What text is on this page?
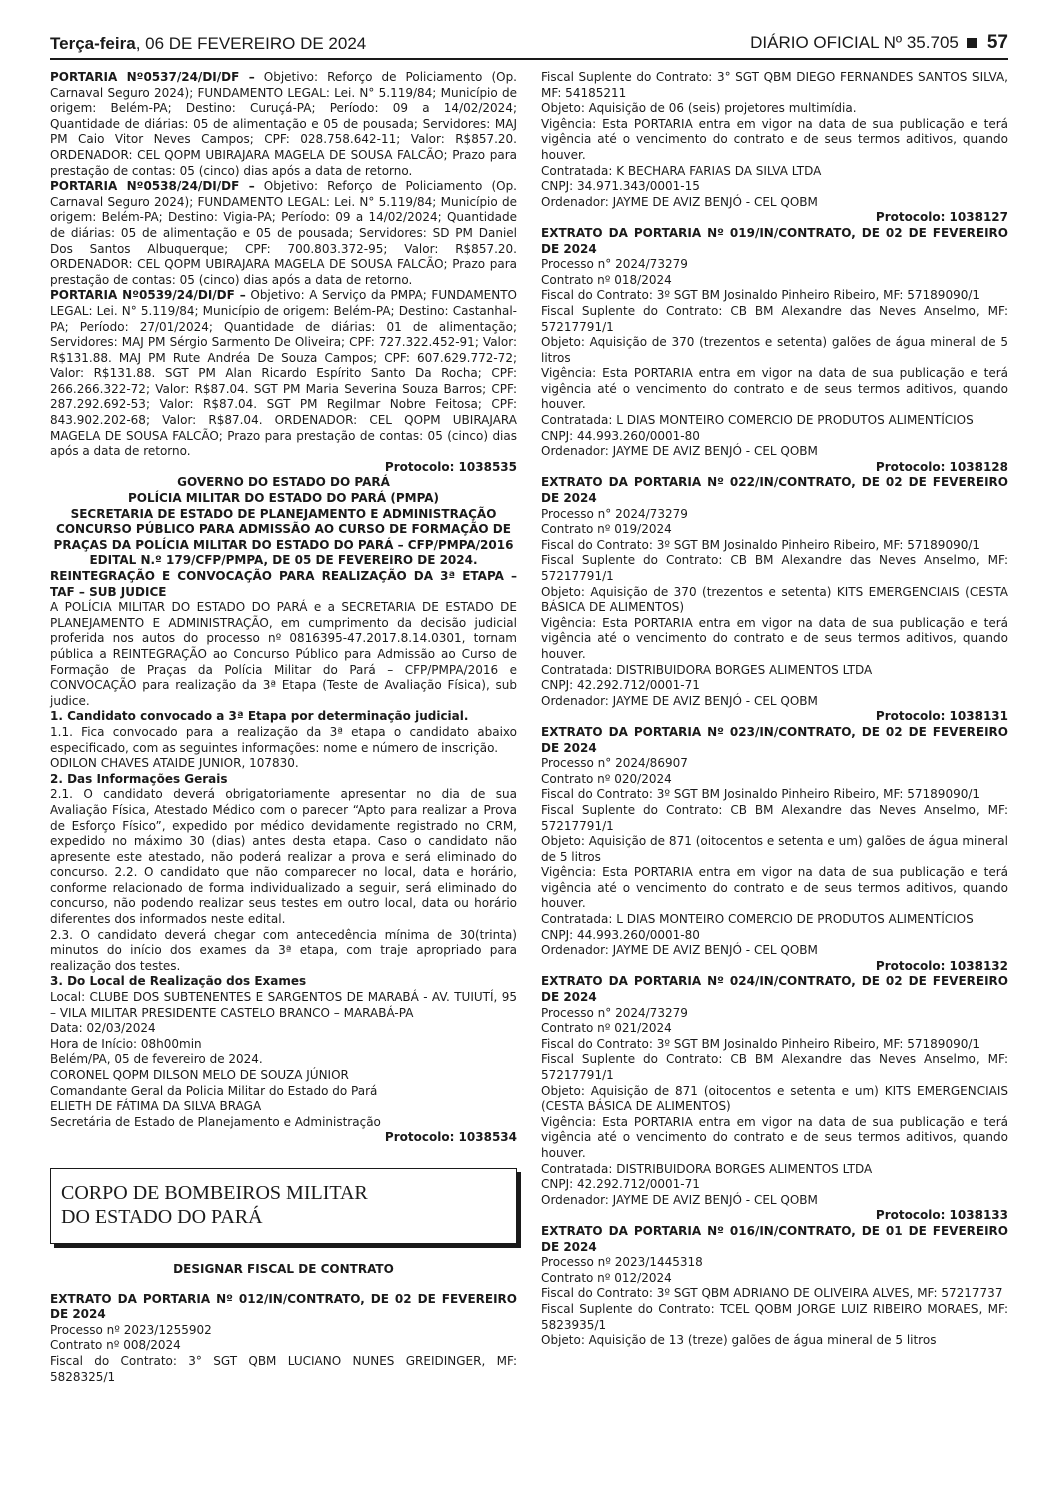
Terça-feira, 06 DE FEVEREIRO DE 2024	DIÁRIO OFICIAL Nº 35.705 57

PORTARIA Nº0537/24/DI/DF – Objetivo: Reforço de Policiamento (Op. Carnaval Seguro 2024); FUNDAMENTO LEGAL: Lei. N° 5.119/84; Município de origem: Belém-PA; Destino: Curuçá-PA; Período: 09 a 14/02/2024; Quantidade de diárias: 05 de alimentação e 05 de pousada; Servidores: MAJ PM Caio Vitor Neves Campos; CPF: 028.758.642-11; Valor: R$857.20. ORDENADOR: CEL QOPM UBIRAJARA MAGELA DE SOUSA FALCÃO; Prazo para prestação de contas: 05 (cinco) dias após a data de retorno.

PORTARIA Nº0538/24/DI/DF – Objetivo: Reforço de Policiamento (Op. Carnaval Seguro 2024); FUNDAMENTO LEGAL: Lei. N° 5.119/84; Município de origem: Belém-PA; Destino: Vigia-PA; Período: 09 a 14/02/2024; Quantidade de diárias: 05 de alimentação e 05 de pousada; Servidores: SD PM Daniel Dos Santos Albuquerque; CPF: 700.803.372-95; Valor: R$857.20. ORDENADOR: CEL QOPM UBIRAJARA MAGELA DE SOUSA FALCÃO; Prazo para prestação de contas: 05 (cinco) dias após a data de retorno.

PORTARIA Nº0539/24/DI/DF – Objetivo: A Serviço da PMPA; FUNDAMENTO LEGAL: Lei. N° 5.119/84; Município de origem: Belém-PA; Destino: Castanhal-PA; Período: 27/01/2024; Quantidade de diárias: 01 de alimentação; Servidores: MAJ PM Sérgio Sarmento De Oliveira; CPF: 727.322.452-91; Valor: R$131.88. MAJ PM Rute Andréa De Souza Campos; CPF: 607.629.772-72; Valor: R$131.88. SGT PM Alan Ricardo Espírito Santo Da Rocha; CPF: 266.266.322-72; Valor: R$87.04. SGT PM Maria Severina Souza Barros; CPF: 287.292.692-53; Valor: R$87.04. SGT PM Regilmar Nobre Feitosa; CPF: 843.902.202-68; Valor: R$87.04. ORDENADOR: CEL QOPM UBIRAJARA MAGELA DE SOUSA FALCÃO; Prazo para prestação de contas: 05 (cinco) dias após a data de retorno.

Protocolo: 1038535

GOVERNO DO ESTADO DO PARÁ

POLÍCIA MILITAR DO ESTADO DO PARÁ (PMPA)

SECRETARIA DE ESTADO DE PLANEJAMENTO E ADMINISTRAÇÃO

CONCURSO PÚBLICO PARA ADMISSÃO AO CURSO DE FORMAÇÃO DE PRAÇAS DA POLÍCIA MILITAR DO ESTADO DO PARÁ – CFP/PMPA/2016

EDITAL N.º 179/CFP/PMPA, DE 05 DE FEVEREIRO DE 2024.

REINTEGRAÇÃO E CONVOCAÇÃO PARA REALIZAÇÃO DA 3ª ETAPA – TAF – SUB JUDICE

A POLÍCIA MILITAR DO ESTADO DO PARÁ e a SECRETARIA DE ESTADO DE PLANEJAMENTO E ADMINISTRAÇÃO, em cumprimento da decisão judicial proferida nos autos do processo nº 0816395-47.2017.8.14.0301, tornam pública a REINTEGRAÇÃO ao Concurso Público para Admissão ao Curso de Formação de Praças da Polícia Militar do Pará – CFP/PMPA/2016 e CONVOCAÇÃO para realização da 3ª Etapa (Teste de Avaliação Física), sub judice.

1. Candidato convocado a 3ª Etapa por determinação judicial.

1.1. Fica convocado para a realização da 3ª etapa o candidato abaixo especificado, com as seguintes informações: nome e número de inscrição.

ODILON CHAVES ATAIDE JUNIOR, 107830.

2. Das Informações Gerais

2.1. O candidato deverá obrigatoriamente apresentar no dia de sua Avaliação Física, Atestado Médico com o parecer “Apto para realizar a Prova de Esforço Físico”, expedido por médico devidamente registrado no CRM, expedido no máximo 30 (dias) antes desta etapa. Caso o candidato não apresente este atestado, não poderá realizar a prova e será eliminado do concurso. 2.2. O candidato que não comparecer no local, data e horário, conforme relacionado de forma individualizado a seguir, será eliminado do concurso, não podendo realizar seus testes em outro local, data ou horário diferentes dos informados neste edital.

2.3. O candidato deverá chegar com antecedência mínima de 30(trinta) minutos do início dos exames da 3ª etapa, com traje apropriado para realização dos testes.

3. Do Local de Realização dos Exames

Local: CLUBE DOS SUBTENENTES E SARGENTOS DE MARABÁ - AV. TUIUTÍ, 95 – VILA MILITAR PRESIDENTE CASTELO BRANCO – MARABÁ-PA

Data: 02/03/2024

Hora de Início: 08h00min

Belém/PA, 05 de fevereiro de 2024.

CORONEL QOPM DILSON MELO DE SOUZA JÚNIOR

Comandante Geral da Policia Militar do Estado do Pará

ELIETH DE FÁTIMA DA SILVA BRAGA

Secretária de Estado de Planejamento e Administração

Protocolo: 1038534

CORPO DE BOMBEIROS MILITAR
DO ESTADO DO PARÁ

DESIGNAR FISCAL DE CONTRATO

EXTRATO DA PORTARIA Nº 012/IN/CONTRATO, DE 02 DE FEVEREIRO DE 2024

Processo nº 2023/1255902

Contrato nº 008/2024

Fiscal do Contrato: 3° SGT QBM LUCIANO NUNES GREIDINGER, MF: 5828325/1

Fiscal Suplente do Contrato: 3° SGT QBM DIEGO FERNANDES SANTOS SILVA, MF: 54185211

Objeto: Aquisição de 06 (seis) projetores multimídia.

Vigência: Esta PORTARIA entra em vigor na data de sua publicação e terá vigência até o vencimento do contrato e de seus termos aditivos, quando houver.

Contratada: K BECHARA FARIAS DA SILVA LTDA

CNPJ: 34.971.343/0001-15

Ordenador: JAYME DE AVIZ BENJÓ - CEL QOBM

Protocolo: 1038127

EXTRATO DA PORTARIA Nº 019/IN/CONTRATO, DE 02 DE FEVEREIRO DE 2024

Processo n° 2024/73279

Contrato nº 018/2024

Fiscal do Contrato: 3º SGT BM Josinaldo Pinheiro Ribeiro, MF: 57189090/1

Fiscal Suplente do Contrato: CB BM Alexandre das Neves Anselmo, MF: 57217791/1

Objeto: Aquisição de 370 (trezentos e setenta) galões de água mineral de 5 litros

Vigência: Esta PORTARIA entra em vigor na data de sua publicação e terá vigência até o vencimento do contrato e de seus termos aditivos, quando houver.

Contratada: L DIAS MONTEIRO COMERCIO DE PRODUTOS ALIMENTÍCIOS

CNPJ: 44.993.260/0001-80

Ordenador: JAYME DE AVIZ BENJÓ - CEL QOBM

Protocolo: 1038128

EXTRATO DA PORTARIA Nº 022/IN/CONTRATO, DE 02 DE FEVEREIRO DE 2024

Processo n° 2024/73279

Contrato nº 019/2024

Fiscal do Contrato: 3º SGT BM Josinaldo Pinheiro Ribeiro, MF: 57189090/1

Fiscal Suplente do Contrato: CB BM Alexandre das Neves Anselmo, MF: 57217791/1

Objeto: Aquisição de 370 (trezentos e setenta) KITS EMERGENCIAIS (CESTA BÁSICA DE ALIMENTOS)

Vigência: Esta PORTARIA entra em vigor na data de sua publicação e terá vigência até o vencimento do contrato e de seus termos aditivos, quando houver.

Contratada: DISTRIBUIDORA BORGES ALIMENTOS LTDA

CNPJ: 42.292.712/0001-71

Ordenador: JAYME DE AVIZ BENJÓ - CEL QOBM

Protocolo: 1038131

EXTRATO DA PORTARIA Nº 023/IN/CONTRATO, DE 02 DE FEVEREIRO DE 2024

Processo n° 2024/86907

Contrato nº 020/2024

Fiscal do Contrato: 3º SGT BM Josinaldo Pinheiro Ribeiro, MF: 57189090/1

Fiscal Suplente do Contrato: CB BM Alexandre das Neves Anselmo, MF: 57217791/1

Objeto: Aquisição de 871 (oitocentos e setenta e um) galões de água mineral de 5 litros

Vigência: Esta PORTARIA entra em vigor na data de sua publicação e terá vigência até o vencimento do contrato e de seus termos aditivos, quando houver.

Contratada: L DIAS MONTEIRO COMERCIO DE PRODUTOS ALIMENTÍCIOS

CNPJ: 44.993.260/0001-80

Ordenador: JAYME DE AVIZ BENJÓ - CEL QOBM

Protocolo: 1038132

EXTRATO DA PORTARIA Nº 024/IN/CONTRATO, DE 02 DE FEVEREIRO DE 2024

Processo n° 2024/73279

Contrato nº 021/2024

Fiscal do Contrato: 3º SGT BM Josinaldo Pinheiro Ribeiro, MF: 57189090/1

Fiscal Suplente do Contrato: CB BM Alexandre das Neves Anselmo, MF: 57217791/1

Objeto: Aquisição de 871 (oitocentos e setenta e um) KITS EMERGENCIAIS (CESTA BÁSICA DE ALIMENTOS)

Vigência: Esta PORTARIA entra em vigor na data de sua publicação e terá vigência até o vencimento do contrato e de seus termos aditivos, quando houver.

Contratada: DISTRIBUIDORA BORGES ALIMENTOS LTDA

CNPJ: 42.292.712/0001-71

Ordenador: JAYME DE AVIZ BENJÓ - CEL QOBM

Protocolo: 1038133

EXTRATO DA PORTARIA Nº 016/IN/CONTRATO, DE 01 DE FEVEREIRO DE 2024

Processo nº 2023/1445318

Contrato nº 012/2024

Fiscal do Contrato: 3º SGT QBM ADRIANO DE OLIVEIRA ALVES, MF: 57217737

Fiscal Suplente do Contrato: TCEL QOBM JORGE LUIZ RIBEIRO MORAES, MF: 5823935/1

Objeto: Aquisição de 13 (treze) galões de água mineral de 5 litros
